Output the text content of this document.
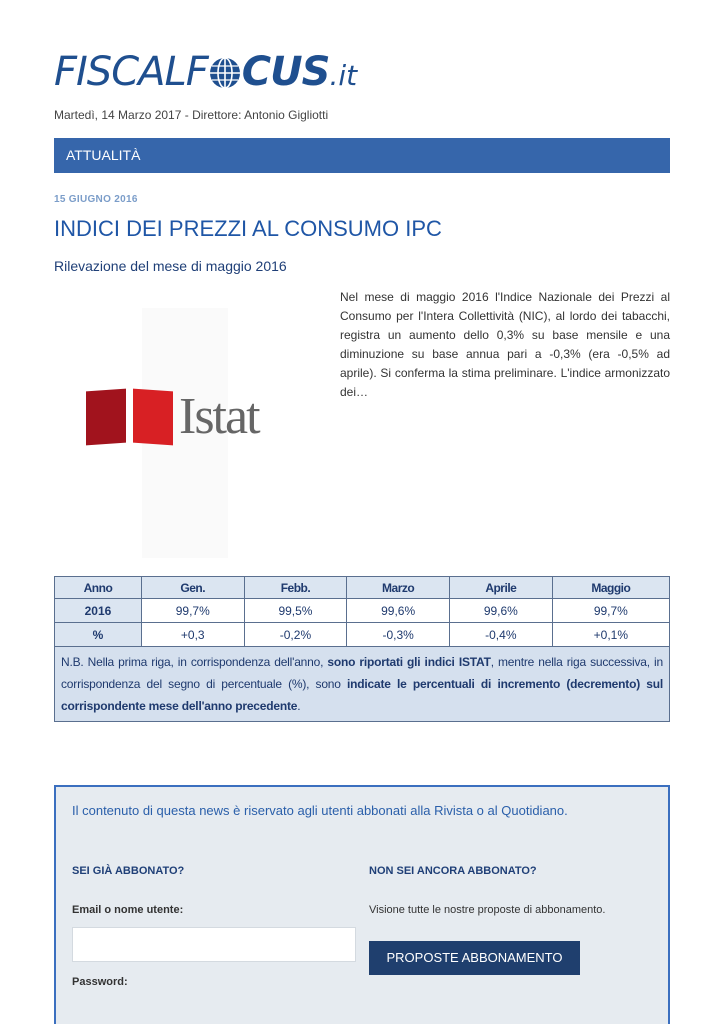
FISCALF CUS .it
Martedì, 14 Marzo 2017 - Direttore: Antonio Gigliotti
ATTUALITÀ
15 GIUGNO 2016
INDICI DEI PREZZI AL CONSUMO IPC
Rilevazione del mese di maggio 2016
Istat

Nel mese di maggio 2016 l'Indice Nazionale dei Prezzi al Consumo per l'Intera Collettività (NIC), al lordo dei tabacchi, registra un aumento dello 0,3% su base mensile e una diminuzione su base annua pari a -0,3% (era -0,5% ad aprile). Si conferma la stima preliminare. L'indice armonizzato dei…

Anno	Gen.	Febb.	Marzo	Aprile	Maggio
2016	99,7%	99,5%	99,6%	99,6%	99,7%
%	+0,3	-0,2%	-0,3%	-0,4%	+0,1%
N.B. Nella prima riga, in corrispondenza dell'anno, sono riportati gli indici ISTAT, mentre nella riga successiva, in corrispondenza del segno di percentuale (%), sono indicate le percentuali di incremento (decremento) sul corrispondente mese dell'anno precedente.					
Il contenuto di questa news è riservato agli utenti abbonati alla Rivista o al Quotidiano.
SEI GIÀ ABBONATO?	NON SEI ANCORA ABBONATO?
Email o nome utente:
Password:
Visione tutte le nostre proposte di abbonamento.
PROPOSTE ABBONAMENTO
